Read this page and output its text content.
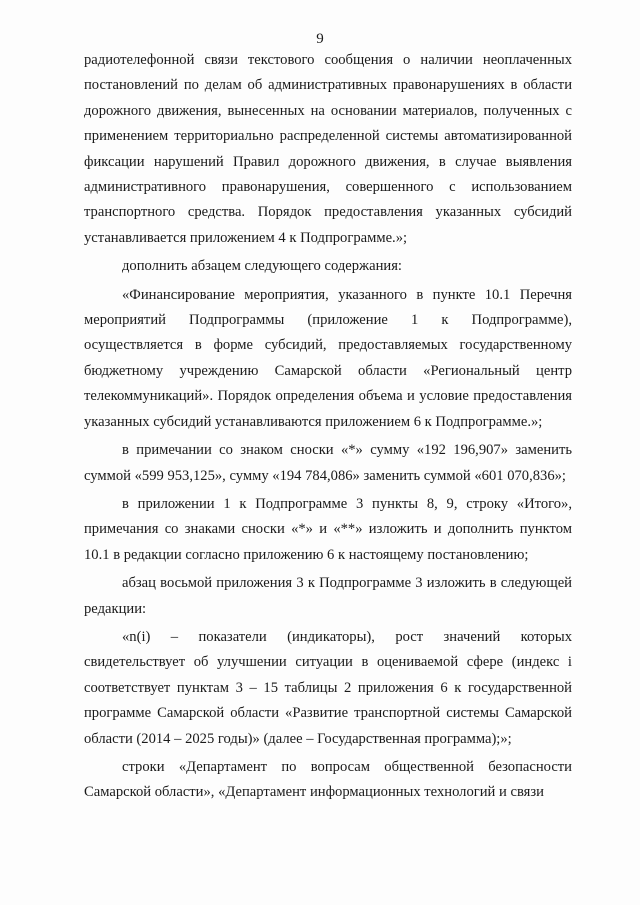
9

радиотелефонной связи текстового сообщения о наличии неоплаченных постановлений по делам об административных правонарушениях в области дорожного движения, вынесенных на основании материалов, полученных с применением территориально распределенной системы автоматизированной фиксации нарушений Правил дорожного движения, в случае выявления административного правонарушения, совершенного с использованием транспортного средства. Порядок предоставления указанных субсидий устанавливается приложением 4 к Подпрограмме.»;

дополнить абзацем следующего содержания:

«Финансирование мероприятия, указанного в пункте 10.1 Перечня мероприятий Подпрограммы (приложение 1 к Подпрограмме), осуществляется в форме субсидий, предоставляемых государственному бюджетному учреждению Самарской области «Региональный центр телекоммуникаций». Порядок определения объема и условие предоставления указанных субсидий устанавливаются приложением 6 к Подпрограмме.»;

в примечании со знаком сноски «*» сумму «192 196,907» заменить суммой «599 953,125», сумму «194 784,086» заменить суммой «601 070,836»;

в приложении 1 к Подпрограмме 3 пункты 8, 9, строку «Итого», примечания со знаками сноски «*» и «**» изложить и дополнить пунктом 10.1 в редакции согласно приложению 6 к настоящему постановлению;

абзац восьмой приложения 3 к Подпрограмме 3 изложить в следующей редакции:

«n(i) – показатели (индикаторы), рост значений которых свидетельствует об улучшении ситуации в оцениваемой сфере (индекс i соответствует пунктам 3 – 15 таблицы 2 приложения 6 к государственной программе Самарской области «Развитие транспортной системы Самарской области (2014 – 2025 годы)» (далее – Государственная программа);»;

строки «Департамент по вопросам общественной безопасности Самарской области», «Департамент информационных технологий и связи
